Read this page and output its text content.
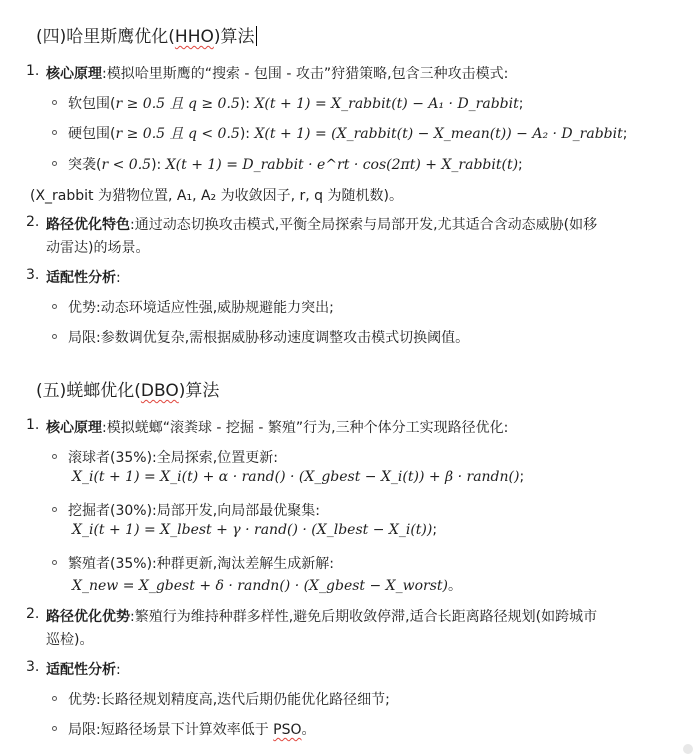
(四)哈里斯鹰优化(HHO)算法
1. 核心原理:模拟哈里斯鹰的“搜索 - 包围 - 攻击”狩猎策略,包含三种攻击模式:
软包围(r ≥ 0.5 且 q ≥ 0.5): X(t + 1) = X_rabbit(t) − A₁ · D_rabbit;
硬包围(r ≥ 0.5 且 q < 0.5): X(t + 1) = (X_rabbit(t) − X_mean(t)) − A₂ · D_rabbit;
突袭(r < 0.5): X(t + 1) = D_rabbit · e^rt · cos(2πt) + X_rabbit(t);
(X_rabbit 为猎物位置, A₁, A₂ 为收敛因子, r, q 为随机数)。
2. 路径优化特色:通过动态切换攻击模式,平衡全局探索与局部开发,尤其适合含动态威胁(如移
动雷达)的场景。
3. 适配性分析:
优势:动态环境适应性强,威胁规避能力突出;
局限:参数调优复杂,需根据威胁移动速度调整攻击模式切换阈值。
(五)蜣螂优化(DBO)算法
1. 核心原理:模拟蜣螂“滚粪球 - 挖掘 - 繁殖”行为,三种个体分工实现路径优化:
滚球者(35%):全局探索,位置更新:
X_i(t + 1) = X_i(t) + α · rand() · (X_gbest − X_i(t)) + β · randn();
挖掘者(30%):局部开发,向局部最优聚集:
X_i(t + 1) = X_lbest + γ · rand() · (X_lbest − X_i(t));
繁殖者(35%):种群更新,淘汰差解生成新解:
X_new = X_gbest + δ · randn() · (X_gbest − X_worst)。
2. 路径优化优势:繁殖行为维持种群多样性,避免后期收敛停滞,适合长距离路径规划(如跨城市
巡检)。
3. 适配性分析:
优势:长路径规划精度高,迭代后期仍能优化路径细节;
局限:短路径场景下计算效率低于 PSO。
